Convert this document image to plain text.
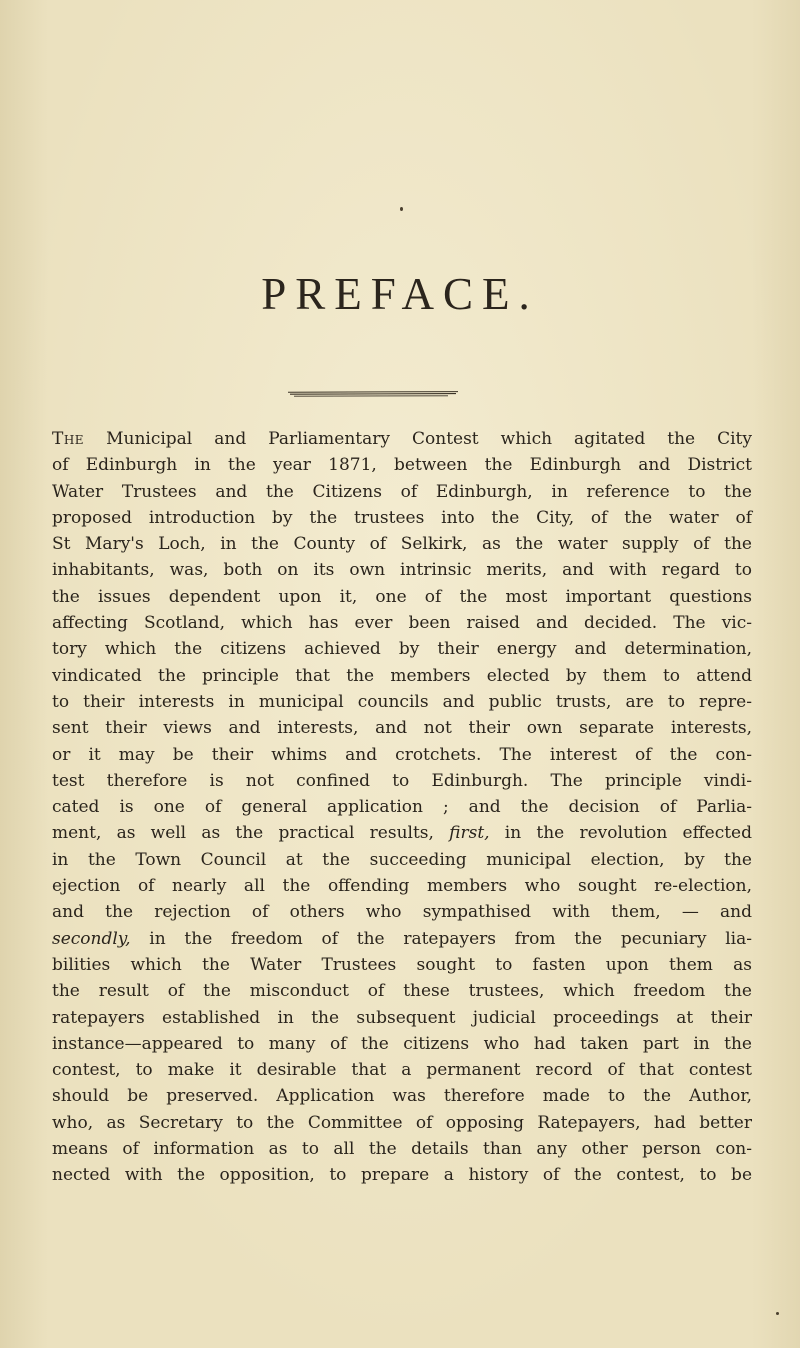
PREFACE.
The Municipal and Parliamentary Contest which agitated the City
of Edinburgh in the year 1871, between the Edinburgh and District
Water Trustees and the Citizens of Edinburgh, in reference to the
proposed introduction by the trustees into the City, of the water of
St Mary's Loch, in the County of Selkirk, as the water supply of the
inhabitants, was, both on its own intrinsic merits, and with regard to
the issues dependent upon it, one of the most important questions
affecting Scotland, which has ever been raised and decided. The vic-
tory which the citizens achieved by their energy and determination,
vindicated the principle that the members elected by them to attend
to their interests in municipal councils and public trusts, are to repre-
sent their views and interests, and not their own separate interests,
or it may be their whims and crotchets. The interest of the con-
test therefore is not confined to Edinburgh. The principle vindi-
cated is one of general application ; and the decision of Parlia-
ment, as well as the practical results, first, in the revolution effected
in the Town Council at the succeeding municipal election, by the
ejection of nearly all the offending members who sought re-election,
and the rejection of others who sympathised with them, — and
secondly, in the freedom of the ratepayers from the pecuniary lia-
bilities which the Water Trustees sought to fasten upon them as
the result of the misconduct of these trustees, which freedom the
ratepayers established in the subsequent judicial proceedings at their
instance—appeared to many of the citizens who had taken part in the
contest, to make it desirable that a permanent record of that contest
should be preserved. Application was therefore made to the Author,
who, as Secretary to the Committee of opposing Ratepayers, had better
means of information as to all the details than any other person con-
nected with the opposition, to prepare a history of the contest, to be
